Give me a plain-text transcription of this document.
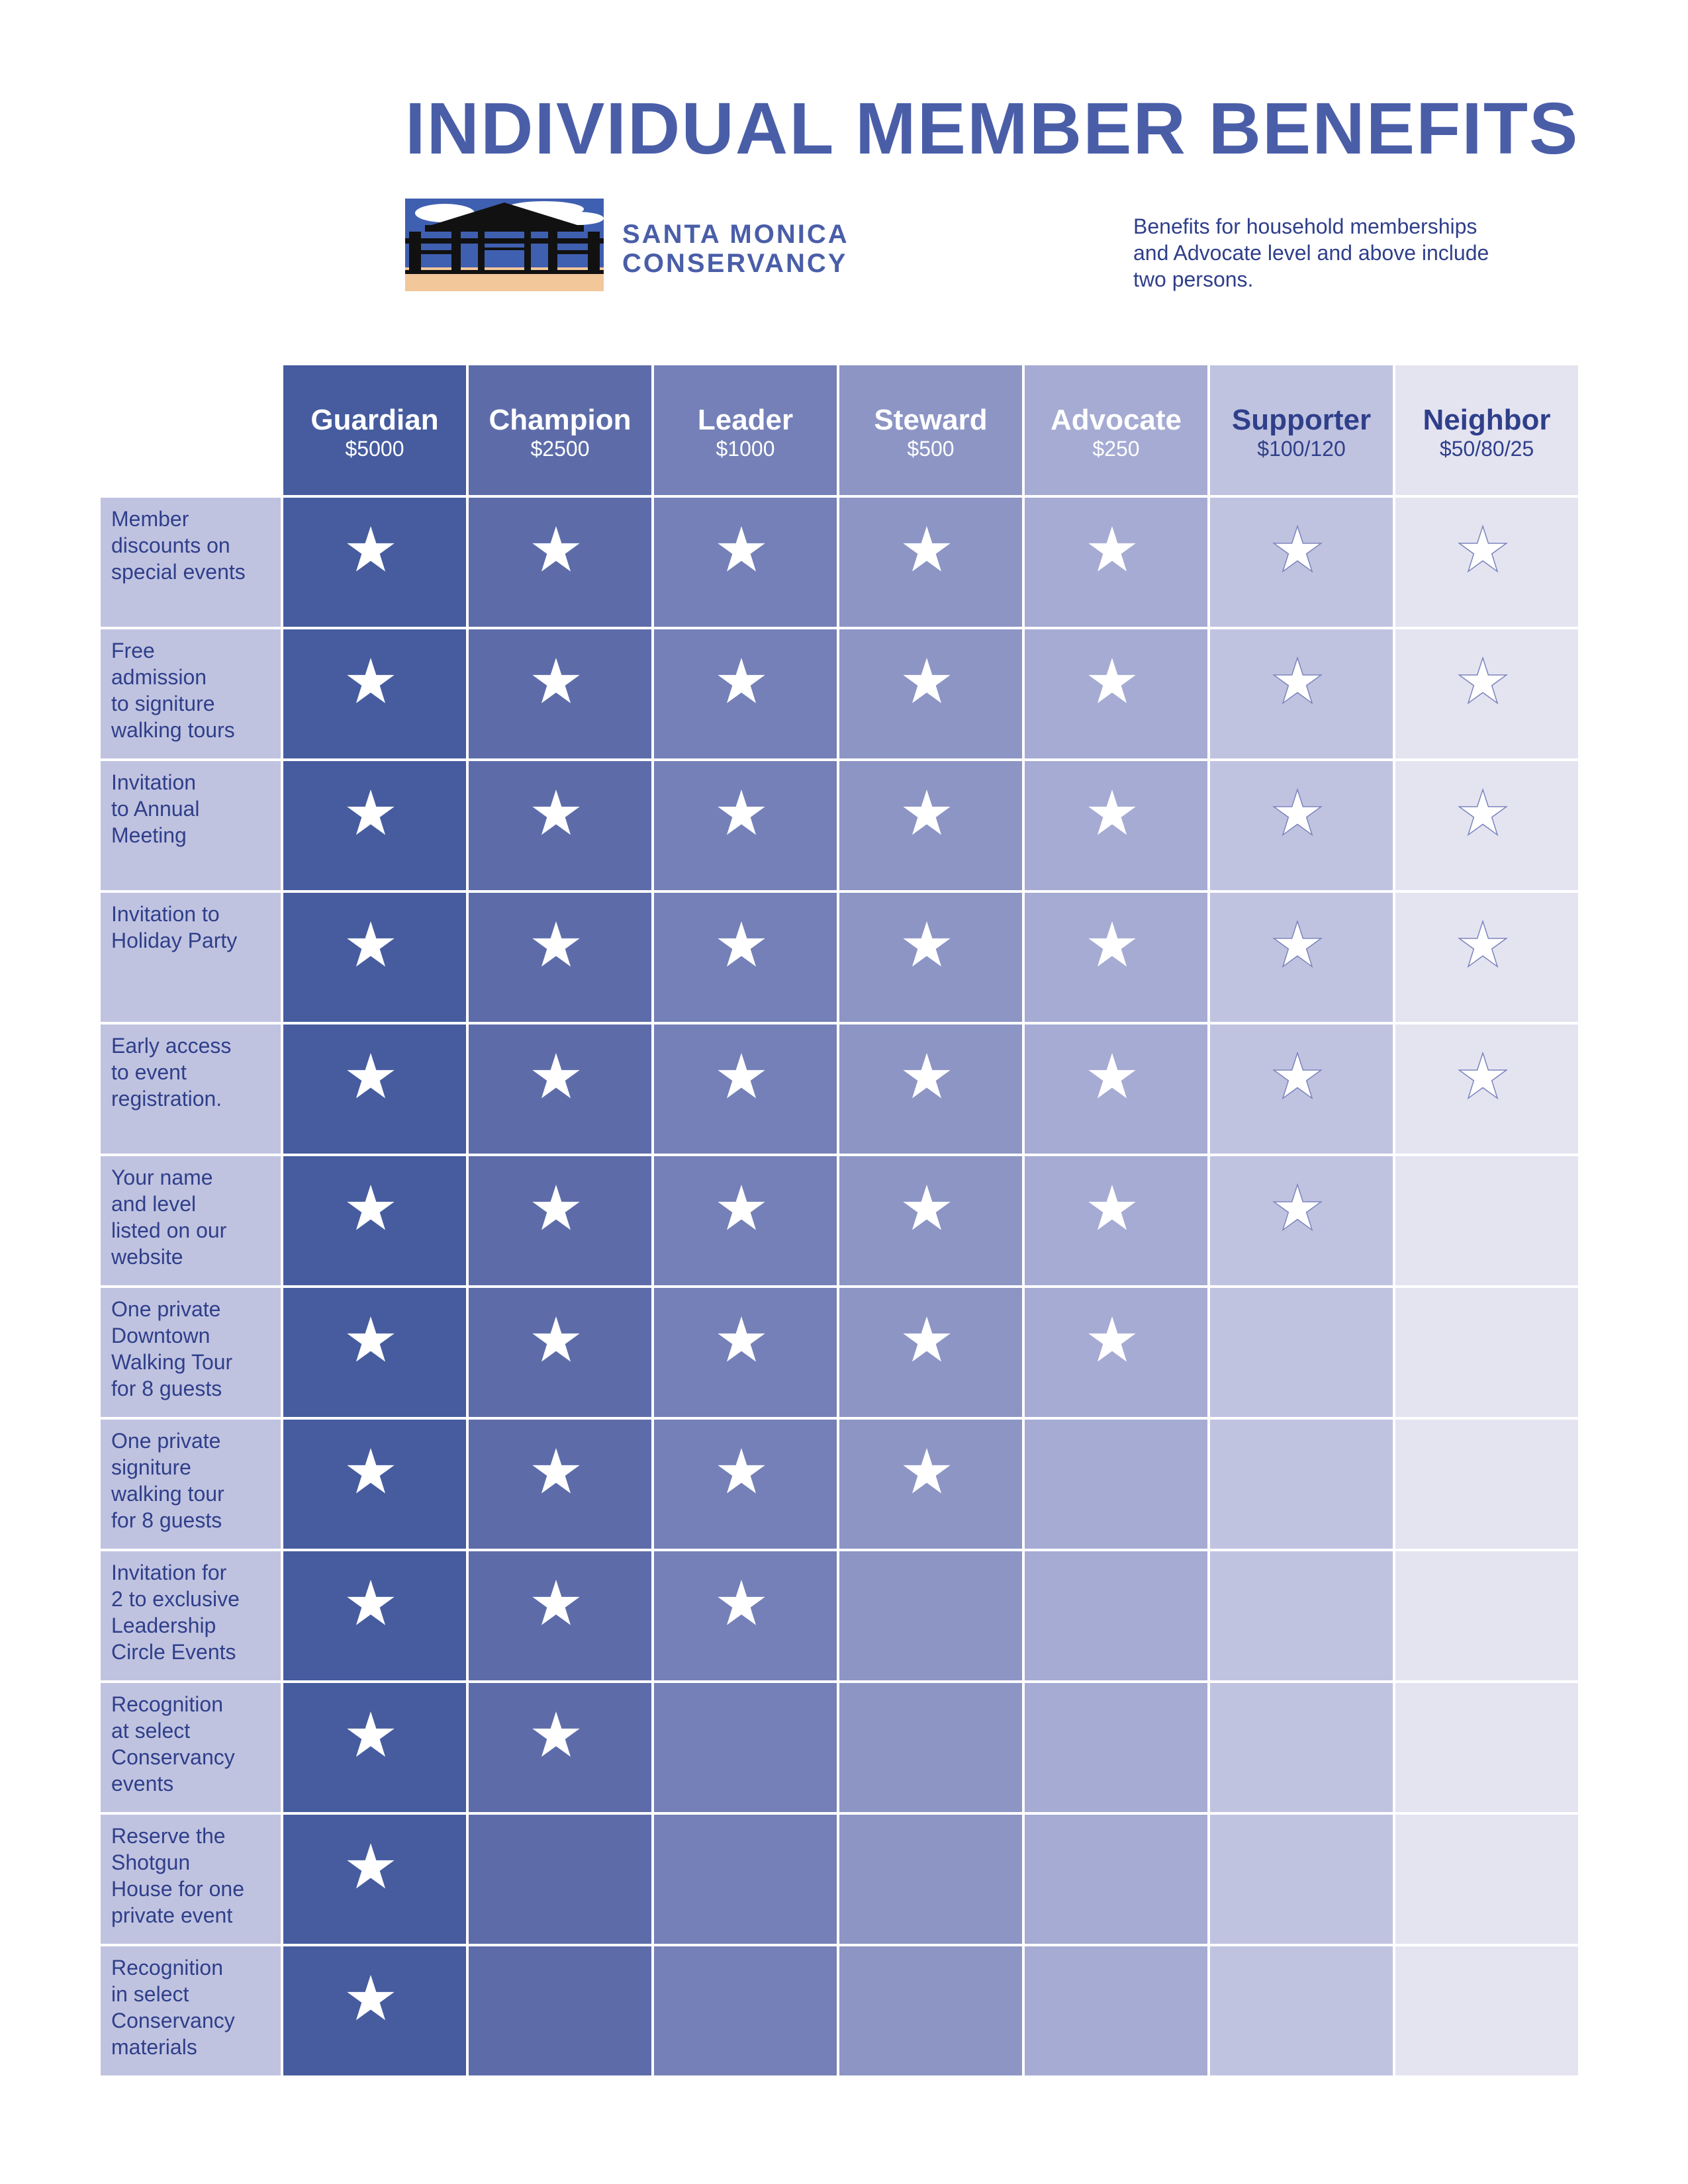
INDIVIDUAL MEMBER BENEFITS
SANTA MONICA
CONSERVANCY
Benefits for household memberships
and Advocate level and above include
two persons.
Guardian
$5000
Champion
$2500
Leader
$1000
Steward
$500
Advocate
$250
Supporter
$100/120
Neighbor
$50/80/25
Member
discounts on
special events
Free
admission
to signiture
walking tours
Invitation
to Annual
Meeting
Invitation to
Holiday Party
Early access
to event
registration.
Your name
and level
listed on our
website
One private
Downtown
Walking Tour
for 8 guests
One private
signiture
walking tour
for 8 guests
Invitation for
2 to exclusive
Leadership
Circle Events
Recognition
at select
Conservancy
events
Reserve the
Shotgun
House for one
private event
Recognition
in select
Conservancy
materials
